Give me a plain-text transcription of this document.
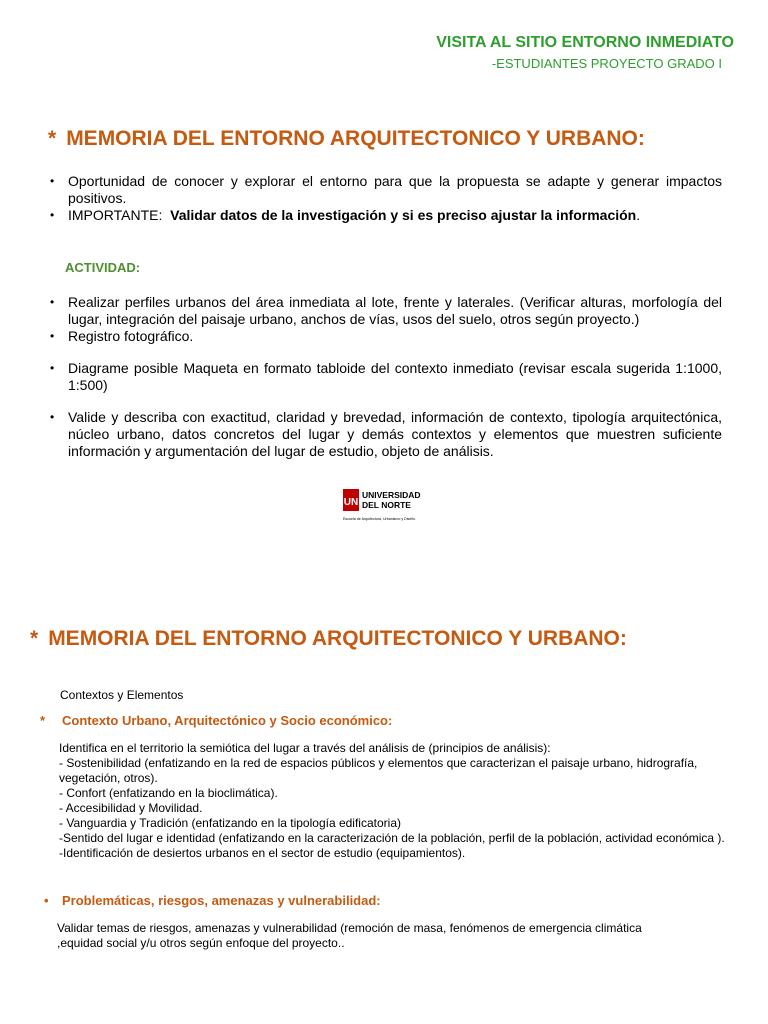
VISITA AL SITIO ENTORNO INMEDIATO
-ESTUDIANTES PROYECTO GRADO I
* MEMORIA DEL ENTORNO ARQUITECTONICO Y URBANO:
• Oportunidad de conocer y explorar el entorno para que la propuesta se adapte y generar impactos positivos.
• IMPORTANTE:  Validar datos de la investigación y si es preciso ajustar la información.
ACTIVIDAD:
• Realizar perfiles urbanos del área inmediata al lote, frente y laterales. (Verificar alturas, morfología del lugar, integración del paisaje urbano, anchos de vías, usos del suelo, otros según proyecto.)
• Registro fotográfico.
• Diagrame posible Maqueta en formato tabloide del contexto inmediato (revisar escala sugerida 1:1000, 1:500)
• Valide y describa con exactitud, claridad y brevedad, información de contexto, tipología arquitectónica, núcleo urbano, datos concretos del lugar y demás contextos y elementos que muestren suficiente información y argumentación del lugar de estudio, objeto de análisis.
UN
UNIVERSIDAD
DEL NORTE
Escuela de Arquitectura, Urbanismo y Diseño
* MEMORIA DEL ENTORNO ARQUITECTONICO Y URBANO:
Contextos y Elementos
* Contexto Urbano, Arquitectónico y Socio económico:
Identifica en el territorio la semiótica del lugar a través del análisis de (principios de análisis):
- Sostenibilidad (enfatizando en la red de espacios públicos y elementos que caracterizan el paisaje urbano, hidrografía, vegetación, otros).
- Confort (enfatizando en la bioclimática).
- Accesibilidad y Movilidad.
- Vanguardia y Tradición (enfatizando en la tipología edificatoria)
-Sentido del lugar e identidad (enfatizando en la caracterización de la población, perfil de la población, actividad económica ).
-Identificación de desiertos urbanos en el sector de estudio (equipamientos).
• Problemáticas, riesgos, amenazas y vulnerabilidad:
Validar temas de riesgos, amenazas y vulnerabilidad (remoción de masa, fenómenos de emergencia climática ,equidad social y/u otros según enfoque del proyecto..
